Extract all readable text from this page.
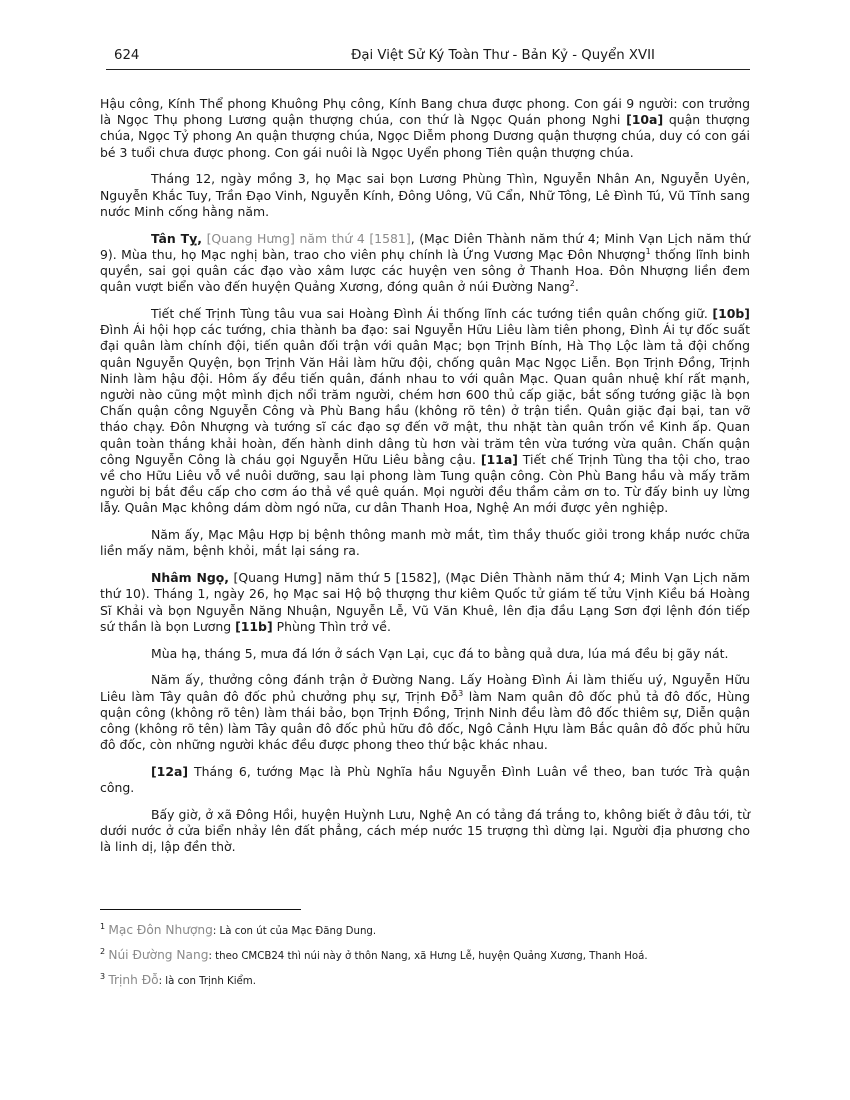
624	Đại Việt Sử Ký Toàn Thư - Bản Kỷ - Quyển XVII

Hậu công, Kính Thể phong Khuông Phụ công, Kính Bang chưa được phong. Con gái 9 người: con trưởng là Ngọc Thụ phong Lương quận thượng chúa, con thứ là Ngọc Quán phong Nghi [10a] quận thượng chúa, Ngọc Tỷ phong An quận thượng chúa, Ngọc Diễm phong Dương quận thượng chúa, duy có con gái bé 3 tuổi chưa được phong. Con gái nuôi là Ngọc Uyển phong Tiên quận thượng chúa.

Tháng 12, ngày mồng 3, họ Mạc sai bọn Lương Phùng Thìn, Nguyễn Nhân An, Nguyễn Uyên, Nguyễn Khắc Tuy, Trần Đạo Vinh, Nguyễn Kính, Đông Uông, Vũ Cẩn, Nhữ Tông, Lê Đình Tú, Vũ Tĩnh sang nước Minh cống hằng năm.

Tân Tỵ, [Quang Hưng] năm thứ 4 [1581], (Mạc Diên Thành năm thứ 4; Minh Vạn Lịch năm thứ 9). Mùa thu, họ Mạc nghị bàn, trao cho viên phụ chính là Ứng Vương Mạc Đôn Nhượng$^1$ thống lĩnh binh quyền, sai gọi quân các đạo vào xâm lược các huyện ven sông ở Thanh Hoa. Đôn Nhượng liền đem quân vượt biển vào đến huyện Quảng Xương, đóng quân ở núi Đường Nang$^2$.

Tiết chế Trịnh Tùng tâu vua sai Hoàng Đình Ái thống lĩnh các tướng tiền quân chống giữ. [10b] Đình Ái hội họp các tướng, chia thành ba đạo: sai Nguyễn Hữu Liêu làm tiên phong, Đình Ái tự đốc suất đại quân làm chính đội, tiến quân đối trận với quân Mạc; bọn Trịnh Bính, Hà Thọ Lộc làm tả đội chống quân Nguyễn Quyện, bọn Trịnh Văn Hải làm hữu đội, chống quân Mạc Ngọc Liễn. Bọn Trịnh Đồng, Trịnh Ninh làm hậu đội. Hôm ấy đều tiến quân, đánh nhau to với quân Mạc. Quan quân nhuệ khí rất mạnh, người nào cũng một mình địch nổi trăm người, chém hơn 600 thủ cấp giặc, bắt sống tướng giặc là bọn Chấn quận công Nguyễn Công và Phù Bang hầu (không rõ tên) ở trận tiền. Quân giặc đại bại, tan vỡ tháo chạy. Đôn Nhượng và tướng sĩ các đạo sợ đến vỡ mật, thu nhặt tàn quân trốn về Kinh ấp. Quan quân toàn thắng khải hoàn, đến hành dinh dâng tù hơn vài trăm tên vừa tướng vừa quân. Chấn quận công Nguyễn Công là cháu gọi Nguyễn Hữu Liêu bằng cậu. [11a] Tiết chế Trịnh Tùng tha tội cho, trao về cho Hữu Liêu vỗ về nuôi dưỡng, sau lại phong làm Tung quận công. Còn Phù Bang hầu và mấy trăm người bị bắt đều cấp cho cơm áo thả về quê quán. Mọi người đều thầm cảm ơn to. Từ đấy binh uy lừng lẫy. Quân Mạc không dám dòm ngó nữa, cư dân Thanh Hoa, Nghệ An mới được yên nghiệp.

Năm ấy, Mạc Mậu Hợp bị bệnh thông manh mờ mắt, tìm thầy thuốc giỏi trong khắp nước chữa liền mấy năm, bệnh khỏi, mắt lại sáng ra.

Nhâm Ngọ, [Quang Hưng] năm thứ 5 [1582], (Mạc Diên Thành năm thứ 4; Minh Vạn Lịch năm thứ 10). Tháng 1, ngày 26, họ Mạc sai Hộ bộ thượng thư kiêm Quốc tử giám tế tửu Vịnh Kiều bá Hoàng Sĩ Khải và bọn Nguyễn Năng Nhuận, Nguyễn Lễ, Vũ Văn Khuê, lên địa đầu Lạng Sơn đợi lệnh đón tiếp sứ thần là bọn Lương [11b] Phùng Thìn trở về.

Mùa hạ, tháng 5, mưa đá lớn ở sách Vạn Lại, cục đá to bằng quả dưa, lúa má đều bị gãy nát.

Năm ấy, thưởng công đánh trận ở Đường Nang. Lấy Hoàng Đình Ái làm thiếu uý, Nguyễn Hữu Liêu làm Tây quân đô đốc phủ chưởng phụ sự, Trịnh Đỗ$^3$ làm Nam quân đô đốc phủ tả đô đốc, Hùng quận công (không rõ tên) làm thái bảo, bọn Trịnh Đồng, Trịnh Ninh đều làm đô đốc thiêm sự, Diễn quận công (không rõ tên) làm Tây quân đô đốc phủ hữu đô đốc, Ngô Cảnh Hựu làm Bắc quân đô đốc phủ hữu đô đốc, còn những người khác đều được phong theo thứ bậc khác nhau.

[12a] Tháng 6, tướng Mạc là Phù Nghĩa hầu Nguyễn Đình Luân về theo, ban tước Trà quận công.

Bấy giờ, ở xã Đông Hồi, huyện Huỳnh Lưu, Nghệ An có tảng đá trắng to, không biết ở đâu tới, từ dưới nước ở cửa biển nhảy lên đất phẳng, cách mép nước 15 trượng thì dừng lại. Người địa phương cho là linh dị, lập đền thờ.

$^1$ Mạc Đôn Nhượng: Là con út của Mạc Đăng Dung.
$^2$ Núi Đường Nang: theo CMCB24 thì núi này ở thôn Nang, xã Hưng Lễ, huyện Quảng Xương, Thanh Hoá.
$^3$ Trịnh Đỗ: là con Trịnh Kiểm.
